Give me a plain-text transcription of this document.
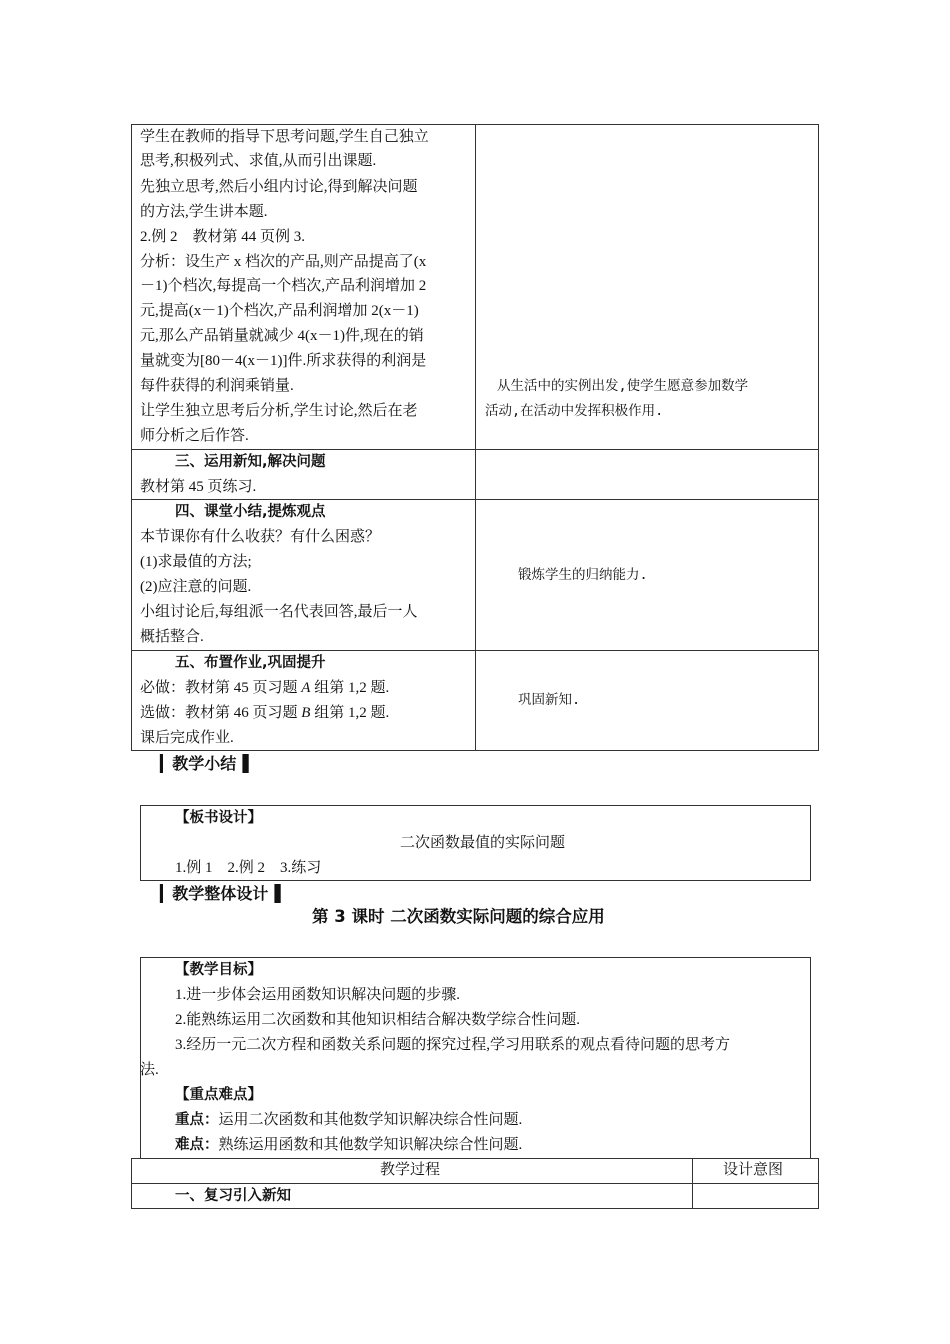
学生在教师的指导下思考问题,学生自己独立
思考,积极列式、求值,从而引出课题.
先独立思考,然后小组内讨论,得到解决问题
的方法,学生讲本题.
2.例 2　教材第 44 页例 3.
分析：设生产 x 档次的产品,则产品提高了(x
－1)个档次,每提高一个档次,产品利润增加 2
元,提高(x－1)个档次,产品利润增加 2(x－1)
元,那么产品销量就减少 4(x－1)件,现在的销
量就变为[80－4(x－1)]件.所求获得的利润是
每件获得的利润乘销量.
让学生独立思考后分析,学生讨论,然后在老
师分析之后作答.
从生活中的实例出发,使学生愿意参加数学
活动,在活动中发挥积极作用.
三、运用新知,解决问题
教材第 45 页练习.
四、课堂小结,提炼观点
本节课你有什么收获？有什么困惑？
(1)求最值的方法;
(2)应注意的问题.
小组讨论后,每组派一名代表回答,最后一人
概括整合.
锻炼学生的归纳能力.
五、布置作业,巩固提升
必做：教材第 45 页习题 A 组第 1,2 题.
选做：教材第 46 页习题 B 组第 1,2 题.
课后完成作业.
巩固新知.
▎教学小结▐
【板书设计】
二次函数最值的实际问题
1.例 1　2.例 2　3.练习
▎教学整体设计▐
第 3 课时 二次函数实际问题的综合应用
【教学目标】
1.进一步体会运用函数知识解决问题的步骤.
2.能熟练运用二次函数和其他知识相结合解决数学综合性问题.
3.经历一元二次方程和函数关系问题的探究过程,学习用联系的观点看待问题的思考方
法.
【重点难点】
重点：运用二次函数和其他数学知识解决综合性问题.
难点：熟练运用函数和其他数学知识解决综合性问题.
教学过程	设计意图
一、复习引入新知
